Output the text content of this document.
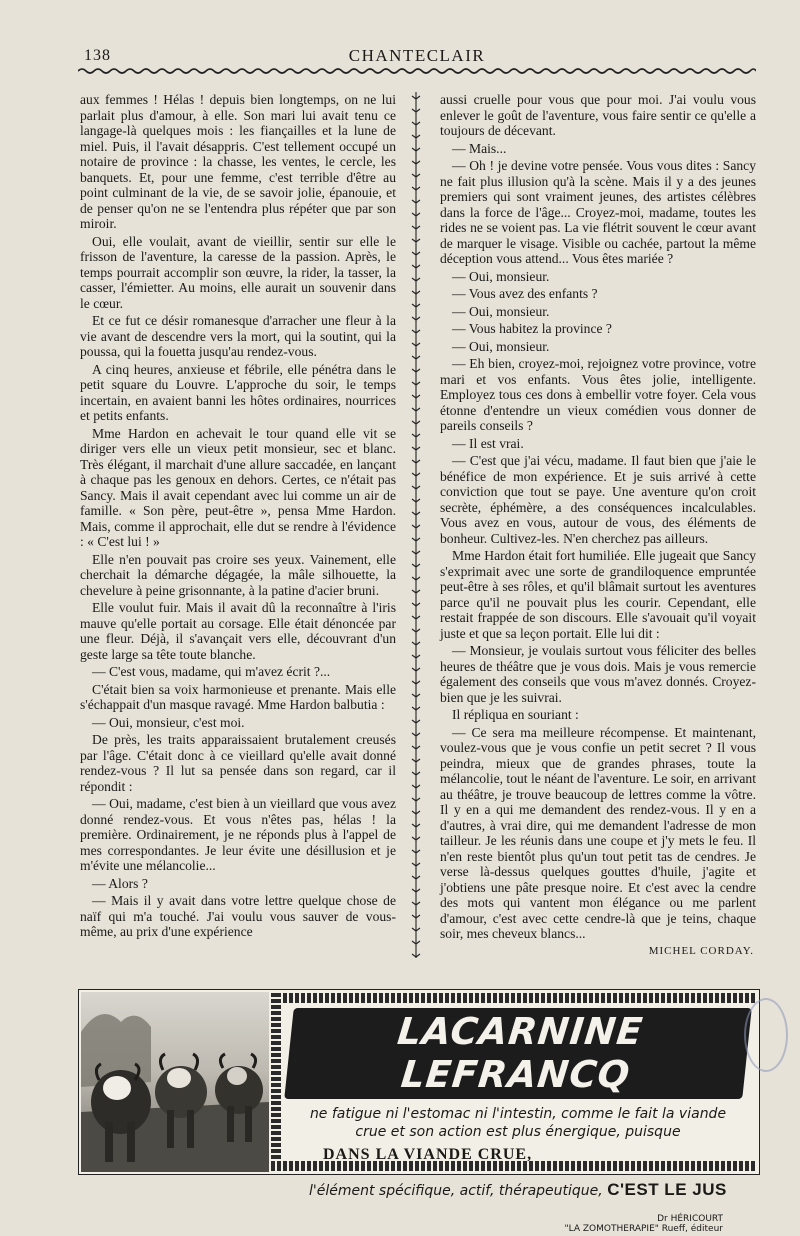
138	CHANTECLAIR

aux femmes ! Hélas ! depuis bien longtemps, on ne lui parlait plus d'amour, à elle. Son mari lui avait tenu ce langage-là quelques mois : les fiançailles et la lune de miel. Puis, il l'avait désappris. C'est tellement occupé un notaire de province : la chasse, les ventes, le cercle, les banquets. Et, pour une femme, c'est terrible d'être au point culminant de la vie, de se savoir jolie, épanouie, et de penser qu'on ne se l'entendra plus répéter que par son miroir.

Oui, elle voulait, avant de vieillir, sentir sur elle le frisson de l'aventure, la caresse de la passion. Après, le temps pourrait accomplir son œuvre, la rider, la tasser, la casser, l'émietter. Au moins, elle aurait un souvenir dans le cœur.

Et ce fut ce désir romanesque d'arracher une fleur à la vie avant de descendre vers la mort, qui la soutint, qui la poussa, qui la fouetta jusqu'au rendez-vous.

A cinq heures, anxieuse et fébrile, elle pénétra dans le petit square du Louvre. L'approche du soir, le temps incertain, en avaient banni les hôtes ordinaires, nourrices et petits enfants.

Mme Hardon en achevait le tour quand elle vit se diriger vers elle un vieux petit monsieur, sec et blanc. Très élégant, il marchait d'une allure saccadée, en lançant à chaque pas les genoux en dehors. Certes, ce n'était pas Sancy. Mais il avait cependant avec lui comme un air de famille. « Son père, peut-être », pensa Mme Hardon. Mais, comme il approchait, elle dut se rendre à l'évidence : « C'est lui ! »

Elle n'en pouvait pas croire ses yeux. Vainement, elle cherchait la démarche dégagée, la mâle silhouette, la chevelure à peine grisonnante, à la patine d'acier bruni.

Elle voulut fuir. Mais il avait dû la reconnaître à l'iris mauve qu'elle portait au corsage. Elle était dénoncée par une fleur. Déjà, il s'avançait vers elle, découvrant d'un geste large sa tête toute blanche.

— C'est vous, madame, qui m'avez écrit ?...

C'était bien sa voix harmonieuse et prenante. Mais elle s'échappait d'un masque ravagé. Mme Hardon balbutia :

— Oui, monsieur, c'est moi.

De près, les traits apparaissaient brutalement creusés par l'âge. C'était donc à ce vieillard qu'elle avait donné rendez-vous ? Il lut sa pensée dans son regard, car il répondit :

— Oui, madame, c'est bien à un vieillard que vous avez donné rendez-vous. Et vous n'êtes pas, hélas ! la première. Ordinairement, je ne réponds plus à l'appel de mes correspondantes. Je leur évite une désillusion et je m'évite une mélancolie...

— Alors ?

— Mais il y avait dans votre lettre quelque chose de naïf qui m'a touché. J'ai voulu vous sauver de vous-même, au prix d'une expérience

aussi cruelle pour vous que pour moi. J'ai voulu vous enlever le goût de l'aventure, vous faire sentir ce qu'elle a toujours de décevant.

— Mais...

— Oh ! je devine votre pensée. Vous vous dites : Sancy ne fait plus illusion qu'à la scène. Mais il y a des jeunes premiers qui sont vraiment jeunes, des artistes célèbres dans la force de l'âge... Croyez-moi, madame, toutes les rides ne se voient pas. La vie flétrit souvent le cœur avant de marquer le visage. Visible ou cachée, partout la même déception vous attend... Vous êtes mariée ?

— Oui, monsieur.

— Vous avez des enfants ?

— Oui, monsieur.

— Vous habitez la province ?

— Oui, monsieur.

— Eh bien, croyez-moi, rejoignez votre province, votre mari et vos enfants. Vous êtes jolie, intelligente. Employez tous ces dons à embellir votre foyer. Cela vous étonne d'entendre un vieux comédien vous donner de pareils conseils ?

— Il est vrai.

— C'est que j'ai vécu, madame. Il faut bien que j'aie le bénéfice de mon expérience. Et je suis arrivé à cette conviction que tout se paye. Une aventure qu'on croit secrète, éphémère, a des conséquences incalculables. Vous avez en vous, autour de vous, des éléments de bonheur. Cultivez-les. N'en cherchez pas ailleurs.

Mme Hardon était fort humiliée. Elle jugeait que Sancy s'exprimait avec une sorte de grandiloquence empruntée peut-être à ses rôles, et qu'il blâmait surtout les aventures parce qu'il ne pouvait plus les courir. Cependant, elle restait frappée de son discours. Elle s'avouait qu'il voyait juste et que sa leçon portait. Elle lui dit :

— Monsieur, je voulais surtout vous féliciter des belles heures de théâtre que je vous dois. Mais je vous remercie également des conseils que vous m'avez donnés. Croyez-bien que je les suivrai.

Il répliqua en souriant :

— Ce sera ma meilleure récompense. Et maintenant, voulez-vous que je vous confie un petit secret ? Il vous peindra, mieux que de grandes phrases, toute la mélancolie, tout le néant de l'aventure. Le soir, en arrivant au théâtre, je trouve beaucoup de lettres comme la vôtre. Il y en a qui me demandent des rendez-vous. Il y en a d'autres, à vrai dire, qui me demandent l'adresse de mon tailleur. Je les réunis dans une coupe et j'y mets le feu. Il n'en reste bientôt plus qu'un tout petit tas de cendres. Je verse là-dessus quelques gouttes d'huile, j'agite et j'obtiens une pâte presque noire. Et c'est avec la cendre des mots qui vantent mon élégance ou me parlent d'amour, c'est avec cette cendre-là que je teins, chaque soir, mes cheveux blancs...

MICHEL CORDAY.
LACARNINE LEFRANCQ

ne fatigue ni l'estomac ni l'intestin, comme le fait la viande

crue et son action est plus énergique, puisque

DANS LA VIANDE CRUE,

l'élément spécifique, actif, thérapeutique, C'EST LE JUS

Dr HÉRICOURT
"LA ZOMOTHERAPIE" Rueff, éditeur
